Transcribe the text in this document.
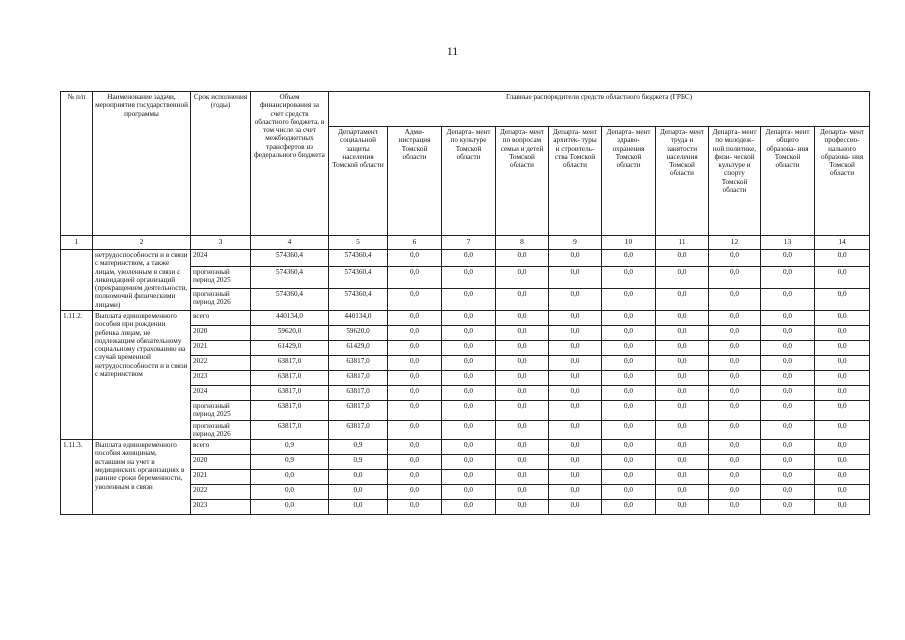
11
№ п/п	Наименование задачи, мероприятия государственной программы	Срок исполнения (годы)	Объем финансирования за счет средств областного бюджета, в том числе за счет межбюджетных трансфертов из федерального бюджета	Главные распорядители средств областного бюджета (ГРБС)									
				Департамент социальной защиты населения Томской области	Адми- нистрация Томской области	Департа- мент по культуре Томской области	Департа- мент по вопросам семьи и детей Томской области	Департа- мент архитек- туры и строитель- ства Томской области	Департа- мент здраво- охранения Томской области	Департа- мент труда и занятости населения Томской области	Департа- мент по молодеж- ной политике, физи- ческой культуре и спорту Томской области	Департа- мент общего образова- ния Томской области	Департа- мент профессио- нального образова- ния Томской области
1	2	3	4	5	6	7	8	9	10	11	12	13	14
	нетрудоспособности и в связи с материнством, а также лицам, уволенным в связи с ликвидацией организаций (прекращением деятельности, полномочий физическими лицами)	2024	574360,4	574360,4	0,0	0,0	0,0	0,0	0,0	0,0	0,0	0,0	0,0
		прогнозный период 2025	574360,4	574360,4	0,0	0,0	0,0	0,0	0,0	0,0	0,0	0,0	0,0
		прогнозный период 2026	574360,4	574360,4	0,0	0,0	0,0	0,0	0,0	0,0	0,0	0,0	0,0
1.11.2.	Выплата единовременного пособия при рождении ребенка лицам, не подлежащим обязательному социальному страхованию на случай временной нетрудоспособности и в связи с материнством	всего	440134,0	440134,0	0,0	0,0	0,0	0,0	0,0	0,0	0,0	0,0	0,0
		2020	59620,0	59620,0	0,0	0,0	0,0	0,0	0,0	0,0	0,0	0,0	0,0
		2021	61429,0	61429,0	0,0	0,0	0,0	0,0	0,0	0,0	0,0	0,0	0,0
		2022	63817,0	63817,0	0,0	0,0	0,0	0,0	0,0	0,0	0,0	0,0	0,0
		2023	63817,0	63817,0	0,0	0,0	0,0	0,0	0,0	0,0	0,0	0,0	0,0
		2024	63817,0	63817,0	0,0	0,0	0,0	0,0	0,0	0,0	0,0	0,0	0,0
		прогнозный период 2025	63817,0	63817,0	0,0	0,0	0,0	0,0	0,0	0,0	0,0	0,0	0,0
		прогнозный период 2026	63817,0	63817,0	0,0	0,0	0,0	0,0	0,0	0,0	0,0	0,0	0,0
1.11.3.	Выплата единовременного пособия женщинам, вставшим на учет в медицинских организациях в ранние сроки беременности, уволенным в связи	всего	0,9	0,9	0,0	0,0	0,0	0,0	0,0	0,0	0,0	0,0	0,0
		2020	0,9	0,9	0,0	0,0	0,0	0,0	0,0	0,0	0,0	0,0	0,0
		2021	0,0	0,0	0,0	0,0	0,0	0,0	0,0	0,0	0,0	0,0	0,0
		2022	0,0	0,0	0,0	0,0	0,0	0,0	0,0	0,0	0,0	0,0	0,0
		2023	0,0	0,0	0,0	0,0	0,0	0,0	0,0	0,0	0,0	0,0	0,0
